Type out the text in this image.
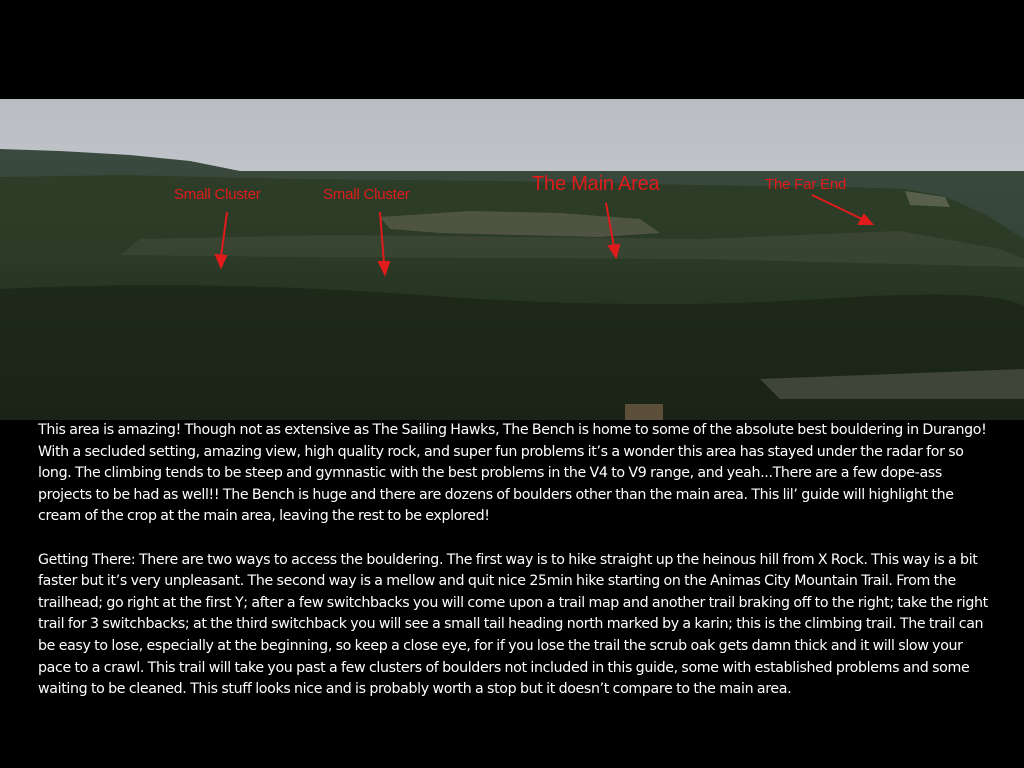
Small Cluster	Small Cluster	The Main Area	The Far End

This area is amazing! Though not as extensive as The Sailing Hawks, The Bench is home to some of the absolute best bouldering in Durango! With a secluded setting, amazing view, high quality rock, and super fun problems it’s a wonder this area has stayed under the radar for so long. The climbing tends to be steep and gymnastic with the best problems in the V4 to V9 range, and yeah...There are a few dope-ass projects to be had as well!! The Bench is huge and there are dozens of boulders other than the main area. This lil’ guide will highlight the cream of the crop at the main area, leaving the rest to be explored!

Getting There: There are two ways to access the bouldering. The first way is to hike straight up the heinous hill from X Rock. This way is a bit faster but it’s very unpleasant. The second way is a mellow and quit nice 25min hike starting on the Animas City Mountain Trail. From the trailhead; go right at the first Y; after a few switchbacks you will come upon a trail map and another trail braking off to the right; take the right trail for 3 switchbacks; at the third switchback you will see a small tail heading north marked by a karin; this is the climbing trail. The trail can be easy to lose, especially at the beginning, so keep a close eye, for if you lose the trail the scrub oak gets damn thick and it will slow your pace to a crawl. This trail will take you past a few clusters of boulders not included in this guide, some with established problems and some waiting to be cleaned. This stuff looks nice and is probably worth a stop but it doesn’t compare to the main area.
